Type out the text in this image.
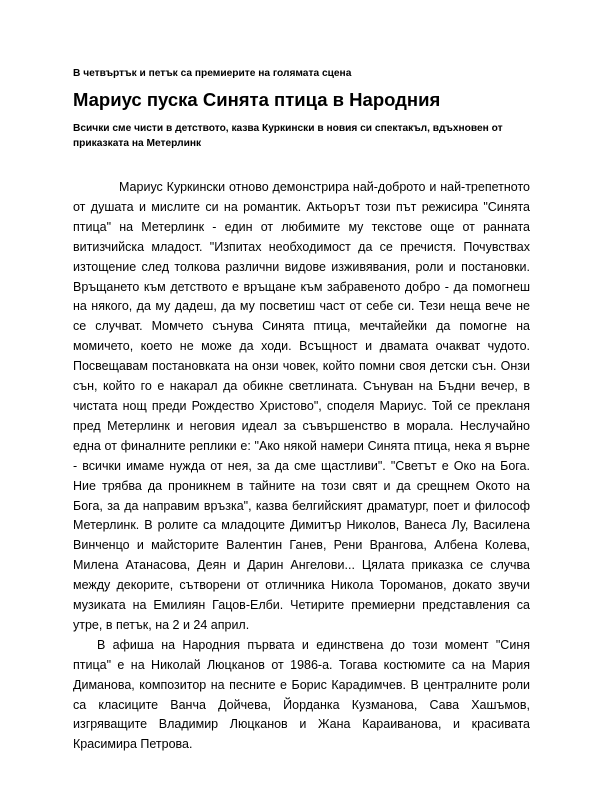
В четвъртък и петък са премиерите на голямата сцена
Мариус пуска Синята птица в Народния
Всички сме чисти в детството, казва Куркински в новия си спектакъл, вдъхновен от приказката на Метерлинк

Мариус Куркински отново демонстрира най-доброто и най-трепетното от душата и мислите си на романтик. Актьорът този път режисира "Синята птица" на Метерлинк - един от любимите му текстове още от ранната витизчийска младост. "Изпитах необходимост да се пречистя. Почувствах изтощение след толкова различни видове изживявания, роли и постановки. Връщането към детството е връщане към забравеното добро - да помогнеш на някого, да му дадеш, да му посветиш част от себе си. Тези неща вече не се случват. Момчето сънува Синята птица, мечтайейки да помогне на момичето, което не може да ходи. Всъщност и двамата очакват чудото. Посвещавам постановката на онзи човек, който помни своя детски сън. Онзи сън, който го е накарал да обикне светлината. Сънуван на Бъдни вечер, в чистата нощ преди Рождество Христово", споделя Мариус. Той се прекланя пред Метерлинк и неговия идеал за съвършенство в морала. Неслучайно една от финалните реплики е: "Ако някой намери Синята птица, нека я върне - всички имаме нужда от нея, за да сме щастливи". "Светът е Око на Бога. Ние трябва да проникнем в тайните на този свят и да срещнем Окото на Бога, за да направим връзка", казва белгийският драматург, поет и философ Метерлинк. В ролите са младоците Димитър Николов, Ванеса Лу, Василена Винченцо и майсторите Валентин Ганев, Рени Врангова, Албена Колева, Милена Атанасова, Деян и Дарин Ангелови... Цялата приказка се случва между декорите, сътворени от отличника Никола Тороманов, докато звучи музиката на Емилиян Гацов-Елби. Четирите премиерни представления са утре, в петък, на 2 и 24 април.

В афиша на Народния първата и единствена до този момент "Синя птица" е на Николай Люцканов от 1986-а. Тогава костюмите са на Мария Диманова, композитор на песните е Борис Карадимчев. В централните роли са класиците Ванча Дойчева, Йорданка Кузманова, Сава Хашъмов, изгряващите Владимир Люцканов и Жана Караиванова, и красивата Красимира Петрова.
